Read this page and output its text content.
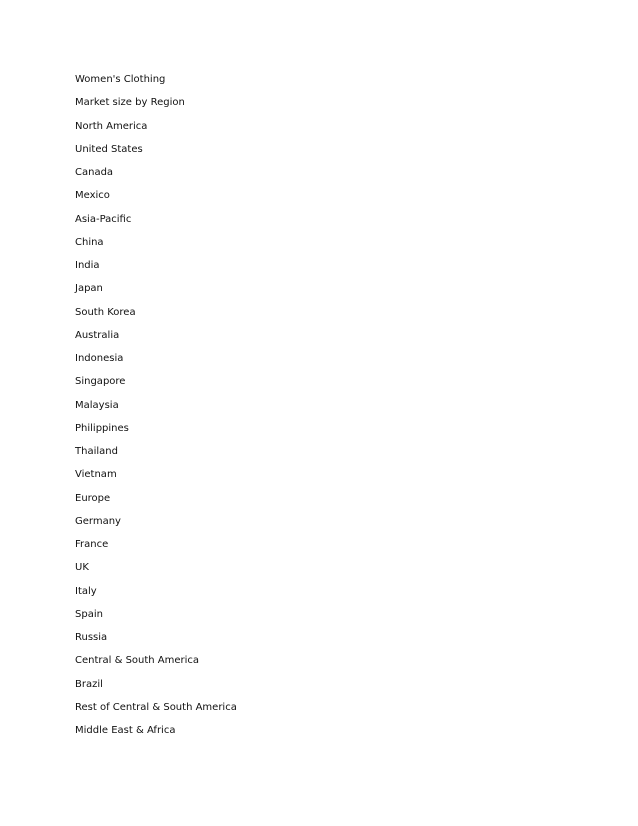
Women's Clothing
Market size by Region
North America
United States
Canada
Mexico
Asia-Pacific
China
India
Japan
South Korea
Australia
Indonesia
Singapore
Malaysia
Philippines
Thailand
Vietnam
Europe
Germany
France
UK
Italy
Spain
Russia
Central & South America
Brazil
Rest of Central & South America
Middle East & Africa
